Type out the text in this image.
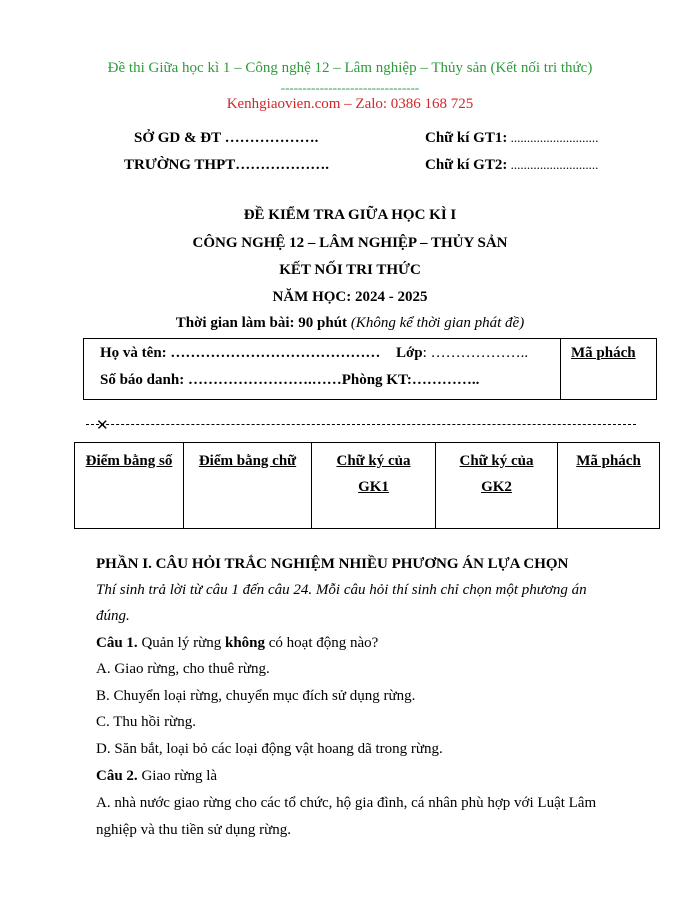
Đề thi Giữa học kì 1 – Công nghệ 12 – Lâm nghiệp – Thủy sản (Kết nối tri thức)
--------------------------------
Kenhgiaovien.com – Zalo: 0386 168 725
SỞ GD & ĐT ……………….
TRƯỜNG THPT……………….
Chữ kí GT1: ...........................
Chữ kí GT2: ...........................
ĐỀ KIỂM TRA GIỮA HỌC KÌ I
CÔNG NGHỆ 12 – LÂM NGHIỆP – THỦY SẢN
KẾT NỐI TRI THỨC
NĂM HỌC: 2024 - 2025
Thời gian làm bài: 90 phút (Không kể thời gian phát đề)
Họ và tên: …………………………………… Lớp: ………………..
Số báo danh: …………………….……Phòng KT:…………..
Mã phách
✕
Điểm bằng số	Điểm bằng chữ	Chữ ký của
GK1
Chữ ký của
GK2
Mã phách
PHẦN I. CÂU HỎI TRẮC NGHIỆM NHIỀU PHƯƠNG ÁN LỰA CHỌN
Thí sinh trả lời từ câu 1 đến câu 24. Mỗi câu hỏi thí sinh chỉ chọn một phương án
đúng.
Câu 1. Quản lý rừng không có hoạt động nào?
A. Giao rừng, cho thuê rừng.
B. Chuyển loại rừng, chuyển mục đích sử dụng rừng.
C. Thu hồi rừng.
D. Săn bắt, loại bỏ các loại động vật hoang dã trong rừng.
Câu 2. Giao rừng là
A. nhà nước giao rừng cho các tổ chức, hộ gia đình, cá nhân phù hợp với Luật Lâm
nghiệp và thu tiền sử dụng rừng.
